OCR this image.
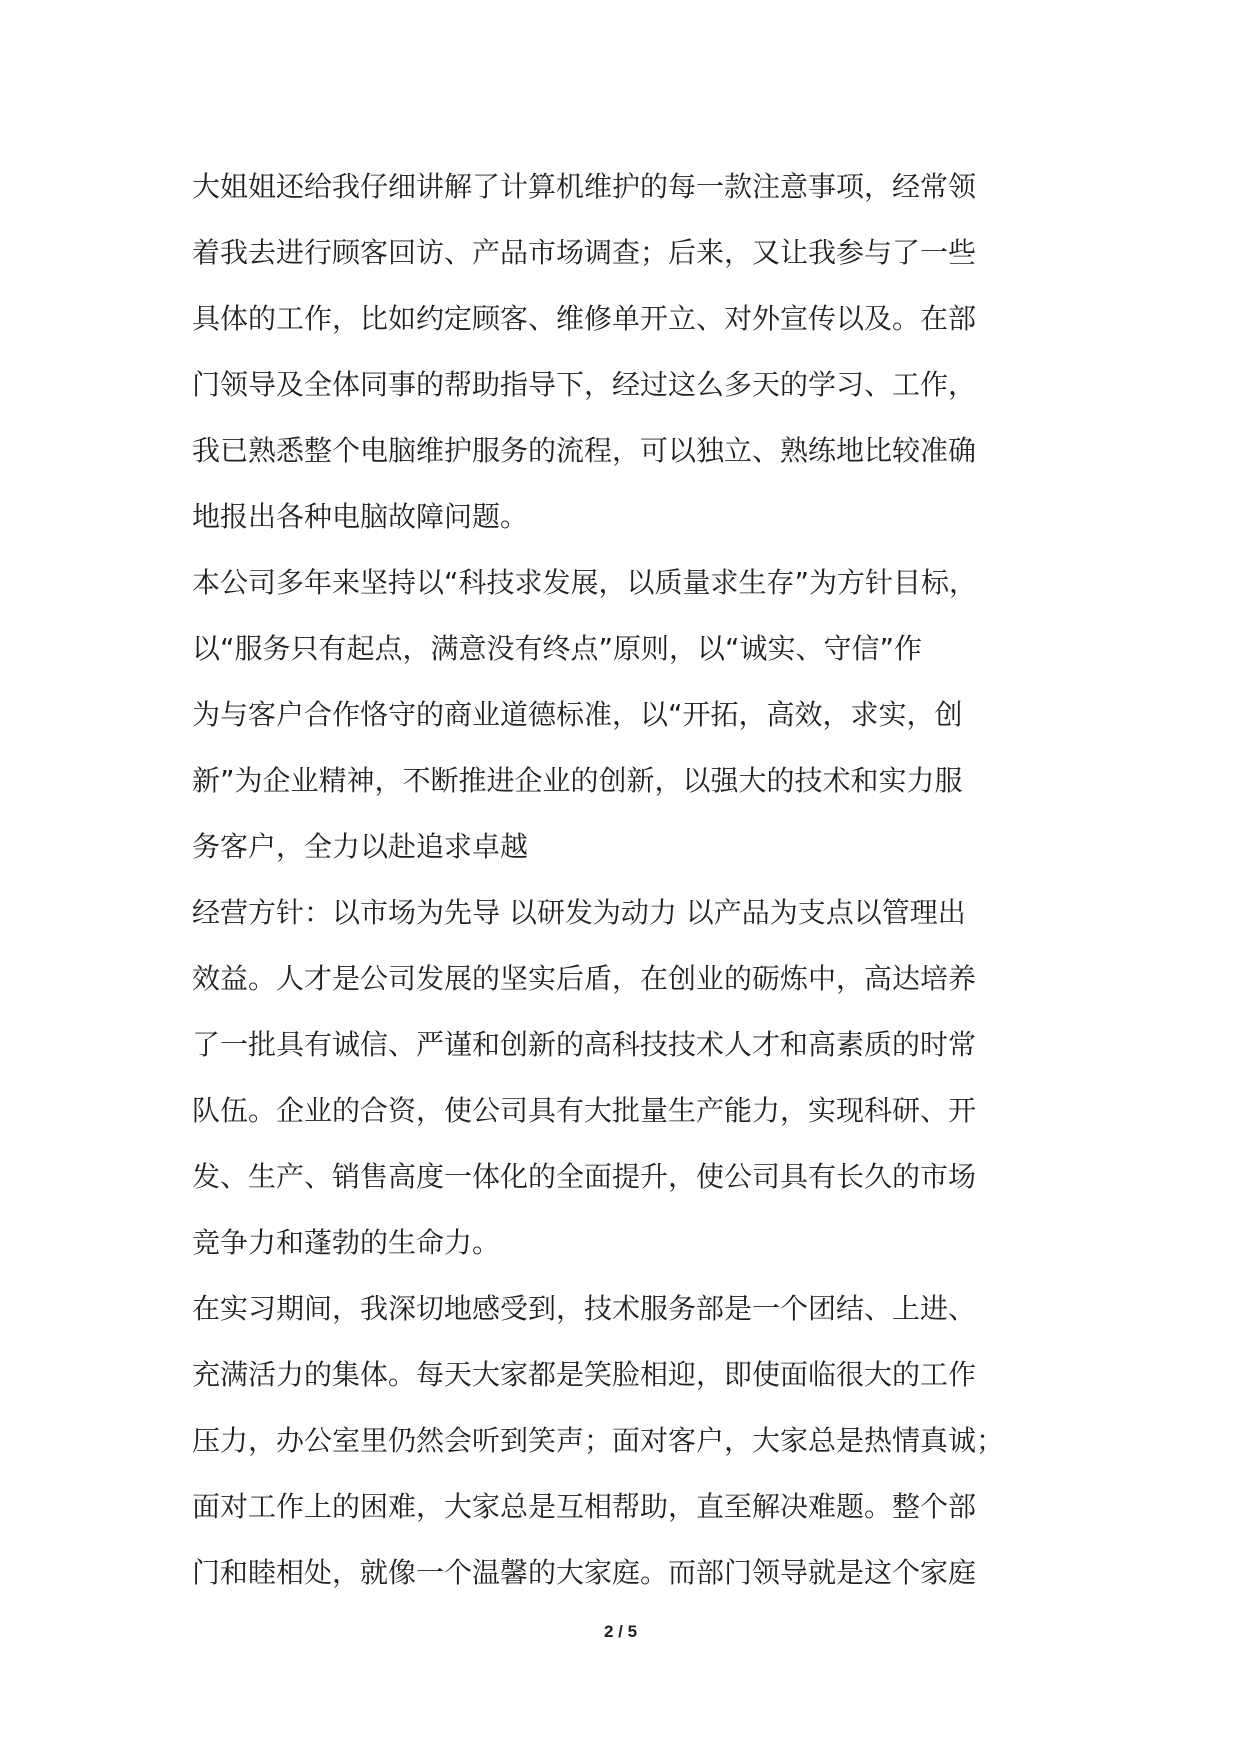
大姐姐还给我仔细讲解了计算机维护的每一款注意事项，经常领
着我去进行顾客回访、产品市场调查；后来，又让我参与了一些
具体的工作，比如约定顾客、维修单开立、对外宣传以及。在部
门领导及全体同事的帮助指导下，经过这么多天的学习、工作，
我已熟悉整个电脑维护服务的流程，可以独立、熟练地比较准确
地报出各种电脑故障问题。
本公司多年来坚持以“科技求发展，以质量求生存”为方针目标，
以“服务只有起点，满意没有终点”原则，以“诚实、守信”作
为与客户合作恪守的商业道德标准，以“开拓，高效，求实，创
新”为企业精神，不断推进企业的创新，以强大的技术和实力服
务客户，全力以赴追求卓越
经营方针：以市场为先导 以研发为动力 以产品为支点以管理出
效益。人才是公司发展的坚实后盾，在创业的砺炼中，高达培养
了一批具有诚信、严谨和创新的高科技技术人才和高素质的时常
队伍。企业的合资，使公司具有大批量生产能力，实现科研、开
发、生产、销售高度一体化的全面提升，使公司具有长久的市场
竞争力和蓬勃的生命力。
在实习期间，我深切地感受到，技术服务部是一个团结、上进、
充满活力的集体。每天大家都是笑脸相迎，即使面临很大的工作
压力，办公室里仍然会听到笑声；面对客户，大家总是热情真诚；
面对工作上的困难，大家总是互相帮助，直至解决难题。整个部
门和睦相处，就像一个温馨的大家庭。而部门领导就是这个家庭
2 / 5
